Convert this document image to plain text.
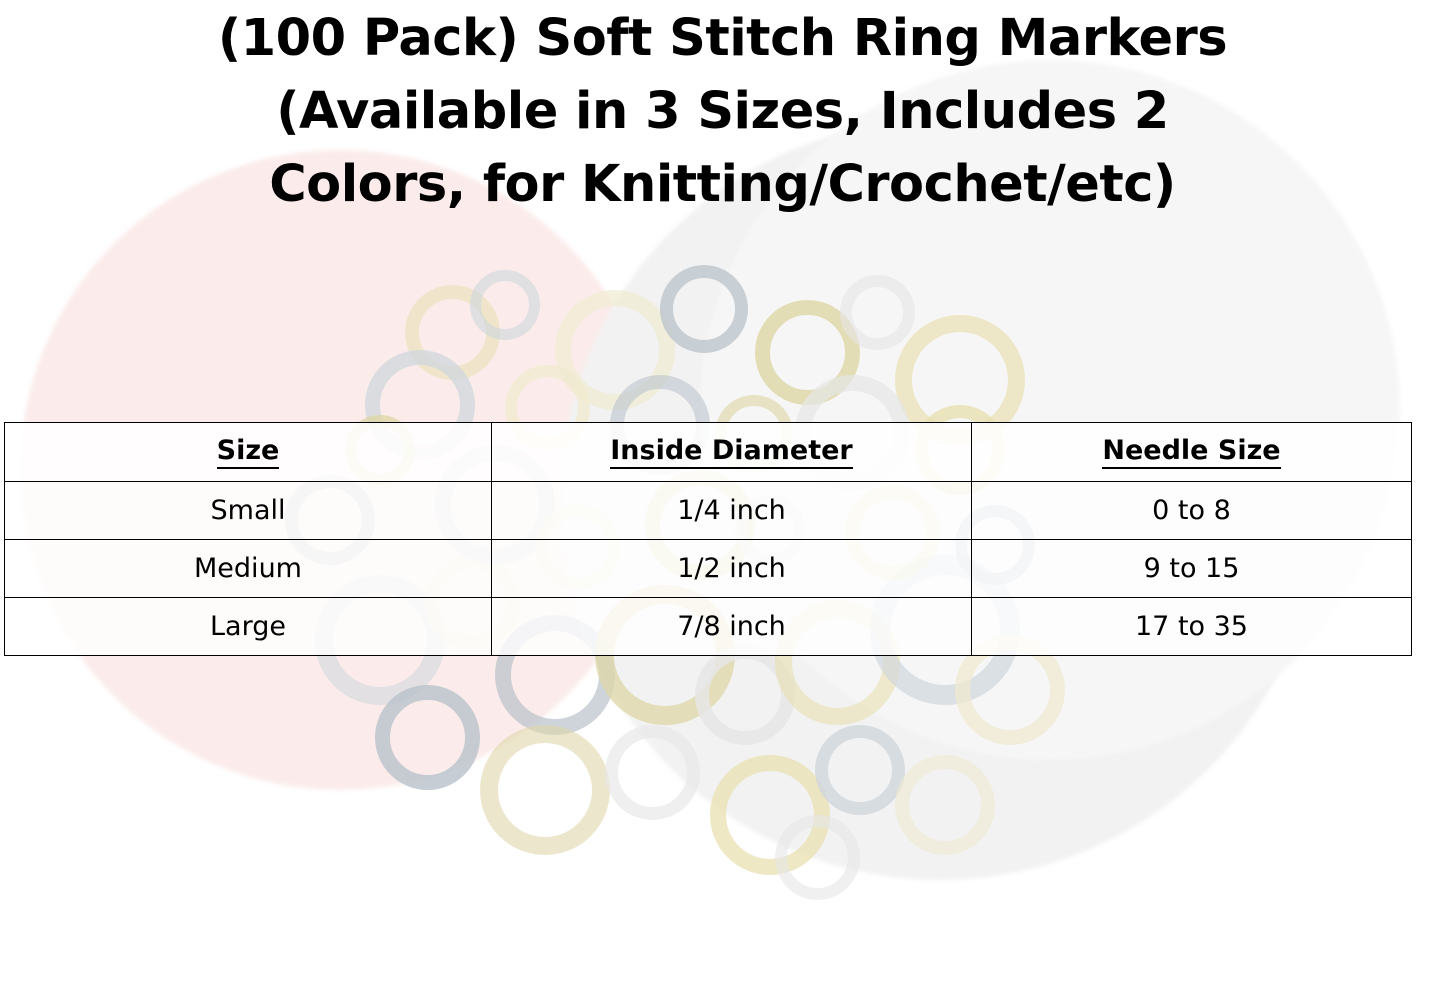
(100 Pack) Soft Stitch Ring Markers
(Available in 3 Sizes, Includes 2
Colors, for Knitting/Crochet/etc)
Size	Inside Diameter	Needle Size
Small	1/4 inch	0 to 8
Medium	1/2 inch	9 to 15
Large	7/8 inch	17 to 35
